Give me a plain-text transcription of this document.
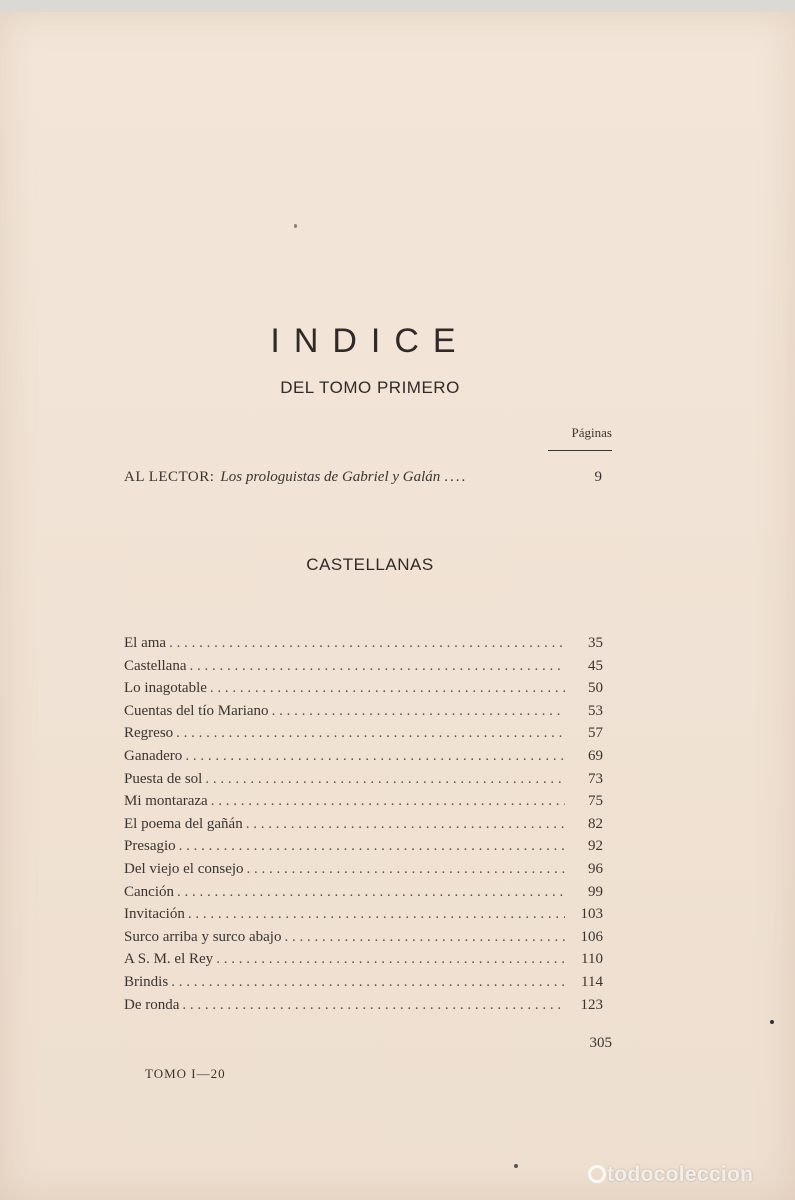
INDICE
DEL TOMO PRIMERO
Páginas
AL LECTOR: Los prologuistas de Gabriel y Galán ....	9
CASTELLANAS
El ama . . .	35
Castellana . . .	45
Lo inagotable . . .	50
Cuentas del tío Mariano . . .	53
Regreso . . .	57
Ganadero . . .	69
Puesta de sol . . .	73
Mi montaraza . . .	75
El poema del gañán . . .	82
Presagio . . .	92
Del viejo el consejo . . .	96
Canción . . .	99
Invitación . . .	103
Surco arriba y surco abajo . . .	106
A S. M. el Rey . . .	110
Brindis . . .	114
De ronda . . .	123
305
TOMO I—20
todocoleccion
